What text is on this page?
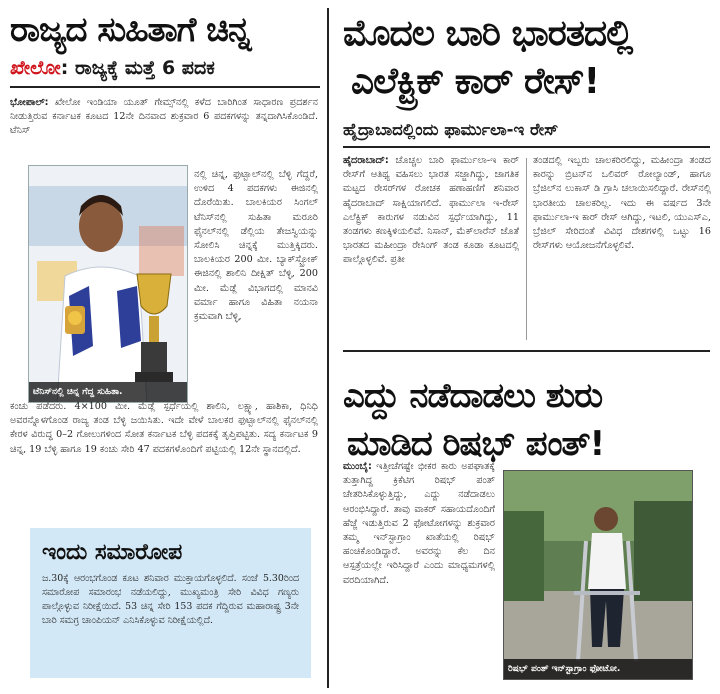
ರಾಜ್ಯದ ಸುಹಿತಾಗೆ ಚಿನ್ನ
ಖೇಲೋ: ರಾಜ್ಯಕ್ಕೆ ಮತ್ತೆ 6 ಪದಕ
ಭೋಪಾಲ್: ಖೇಲೋ ಇಂಡಿಯಾ ಯೂತ್ ಗೇಮ್ಸ್‌ನಲ್ಲಿ ಕಳೆದ ಬಾರಿಗಿಂತ ಸಾಧಾರಣ ಪ್ರದರ್ಶನ ನೀಡುತ್ತಿರುವ ಕರ್ನಾಟಕ ಕೂಟದ 12ನೇ ದಿನವಾದ ಶುಕ್ರವಾರ 6 ಪದಕಗಳನ್ನು ತನ್ನದಾಗಿಸಿಕೊಂಡಿದೆ. ಟೆನಿಸ್
ಟೆನಿಸ್‌ನಲ್ಲಿ ಚಿನ್ನ ಗೆದ್ದ ಸುಹಿತಾ.
ನಲ್ಲಿ ಚಿನ್ನ, ಫುಟ್ಬಾಲ್‌ನಲ್ಲಿ ಬೆಳ್ಳಿ ಗೆದ್ದರೆ, ಉಳಿದ 4 ಪದಕಗಳು ಈಜಿನಲ್ಲಿ ದೊರೆಯಿತು. ಬಾಲಕಿಯರ ಸಿಂಗಲ್ ಟೆನಿಸ್‌ನಲ್ಲಿ ಸುಹಿತಾ ಮರೂರಿ ಫೈನಲ್‌ನಲ್ಲಿ ಡೆಲ್ಲಿಯ ತೇಜಸ್ವಿಯನ್ನು ಸೋಲಿಸಿ ಚಿನ್ನಕ್ಕೆ ಮುತ್ತಿಕ್ಕಿದರು. ಬಾಲಕಿಯರ 200 ಮೀ. ಬ್ಯಾಕ್‌ಸ್ಟ್ರೋಕ್ ಈಜಿನಲ್ಲಿ ಶಾಲಿನಿ ದೀಕ್ಷಿತ್ ಬೆಳ್ಳಿ, 200 ಮೀ. ಮೆಡ್ಲೆ ವಿಭಾಗದಲ್ಲಿ ಮಾನವಿ ವರ್ಮಾ ಹಾಗೂ ವಿಹಿತಾ ನಯನಾ ಕ್ರಮವಾಗಿ ಬೆಳ್ಳಿ,
ಕಂಚು ಪಡೆದರು. 4×100 ಮೀ. ಮೆಡ್ಲೆ ಸ್ಪರ್ಧೆಯಲ್ಲಿ ಶಾಲಿನಿ, ಲಕ್ಷ್ಯಾ, ಹಾಶಿಕಾ, ಧಿನಿಧಿ ಅವರನ್ನೊಳಗೊಂಡ ರಾಜ್ಯ ತಂಡ ಬೆಳ್ಳಿ ಜಯಿಸಿತು. ಇದೇ ವೇಳೆ ಬಾಲಕರ ಫುಟ್ಬಾಲ್‌ನಲ್ಲಿ ಫೈನಲ್‌ನಲ್ಲಿ ಕೇರಳ ವಿರುದ್ಧ 0–2 ಗೋಲುಗಳಿಂದ ಸೋತ ಕರ್ನಾಟಕ ಬೆಳ್ಳಿ ಪದಕಕ್ಕೆ ತೃಪ್ತಿಪಟ್ಟಿತು. ಸದ್ಯ ಕರ್ನಾಟಕ 9 ಚಿನ್ನ, 19 ಬೆಳ್ಳಿ ಹಾಗೂ 19 ಕಂಚು ಸೇರಿ 47 ಪದಕಗಳೊಂದಿಗೆ ಪಟ್ಟಿಯಲ್ಲಿ 12ನೇ ಸ್ಥಾನದಲ್ಲಿದೆ.
ಇಂದು ಸಮಾರೋಪ
ಜ.30ಕ್ಕೆ ಆರಂಭಗೊಂಡ ಕೂಟ ಶನಿವಾರ ಮುಕ್ತಾಯಗೊಳ್ಳಲಿದೆ. ಸಂಜೆ 5.30ರಿಂದ ಸಮಾರೋಪ ಸಮಾರಂಭ ನಡೆಯಲಿದ್ದು, ಮುಖ್ಯಮಂತ್ರಿ ಸೇರಿ ವಿವಿಧ ಗಣ್ಯರು ಪಾಲ್ಗೊಳ್ಳುವ ನಿರೀಕ್ಷೆಯಿದೆ. 53 ಚಿನ್ನ ಸೇರಿ 153 ಪದಕ ಗೆದ್ದಿರುವ ಮಹಾರಾಷ್ಟ್ರ 3ನೇ ಬಾರಿ ಸಮಗ್ರ ಚಾಂಪಿಯನ್ ಎನಿಸಿಕೊಳ್ಳುವ ನಿರೀಕ್ಷೆಯಲ್ಲಿದೆ.
ಮೊದಲ ಬಾರಿ ಭಾರತದಲ್ಲಿ
ಎಲೆಕ್ಟ್ರಿಕ್ ಕಾರ್ ರೇಸ್!
ಹೈದ್ರಾಬಾದಲ್ಲಿಂದು ಫಾರ್ಮುಲಾ-ಇ ರೇಸ್
ಹೈದರಾಬಾದ್: ಚೊಚ್ಚಲ ಬಾರಿ ಫಾರ್ಮುಲಾ-ಇ ಕಾರ್ ರೇಸ್‌ಗೆ ಆತಿಥ್ಯ ವಹಿಸಲು ಭಾರತ ಸಜ್ಜಾಗಿದ್ದು, ಜಾಗತಿಕ ಮಟ್ಟದ ರೇಸರ್‌ಗಳ ರೋಚಕ ಹಣಾಹಣಿಗೆ ಶನಿವಾರ ಹೈದರಾಬಾದ್ ಸಾಕ್ಷಿಯಾಗಲಿದೆ. ಫಾರ್ಮುಲಾ ಇ-ರೇಸ್ ಎಲೆಕ್ಟ್ರಿಕ್ ಕಾರುಗಳ ನಡುವಿನ ಸ್ಪರ್ಧೆಯಾಗಿದ್ದು, 11 ತಂಡಗಳು ಕಣಕ್ಕಿಳಿಯಲಿವೆ. ನಿಸಾನ್, ಮೆಕ್‌ಲಾರೆನ್ ಜೊತೆ ಭಾರತದ ಮಹೀಂದ್ರಾ ರೇಸಿಂಗ್ ತಂಡ ಕೂಡಾ ಕೂಟದಲ್ಲಿ ಪಾಲ್ಗೊಳ್ಳಲಿವೆ. ಪ್ರತೀ
ತಂಡದಲ್ಲಿ ಇಬ್ಬರು ಚಾಲಕರಿರಲಿದ್ದು, ಮಹೀಂದ್ರಾ ತಂಡದ ಕಾರನ್ನು ಬ್ರಿಟನ್‌ನ ಒಲಿವರ್ ರೋಲ್ಯಾಂಡ್, ಹಾಗೂ ಬ್ರೆಜಿಲ್‌ನ ಲುಕಾಸ್ ಡಿ ಗ್ರಾಸಿ ಚಲಾಯಿಸಲಿದ್ದಾರೆ. ರೇಸ್‌ನಲ್ಲಿ ಭಾರತೀಯ ಚಾಲಕರಿಲ್ಲ. ಇದು ಈ ವರ್ಷದ 3ನೇ ಫಾರ್ಮುಲಾ-ಇ ಕಾರ್ ರೇಸ್ ಆಗಿದ್ದು, ಇಟಲಿ, ಯುಎಸ್‌ಎ, ಬ್ರೆಜಿಲ್ ಸೇರಿದಂತೆ ವಿವಿಧ ದೇಶಗಳಲ್ಲಿ ಒಟ್ಟು 16 ರೇಸ್‌ಗಳು ಆಯೋಜನೆಗೊಳ್ಳಲಿವೆ.
ಎದ್ದು ನಡೆದಾಡಲು ಶುರು
ಮಾಡಿದ ರಿಷಭ್ ಪಂತ್!
ಮುಂಬೈ: ಇತ್ತೀಚೆಗಷ್ಟೇ ಭೀಕರ ಕಾರು ಅಪಘಾತಕ್ಕೆ ತುತ್ತಾಗಿದ್ದ ಕ್ರಿಕೆಟಿಗ ರಿಷಭ್ ಪಂತ್ ಚೇತರಿಸಿಕೊಳ್ಳುತ್ತಿದ್ದು, ಎದ್ದು ನಡೆದಾಡಲು ಆರಂಭಿಸಿದ್ದಾರೆ. ತಾವು ವಾಕರ್ ಸಹಾಯದೊಂದಿಗೆ ಹೆಜ್ಜೆ ಇಡುತ್ತಿರುವ 2 ಫೋಟೋಗಳನ್ನು ಶುಕ್ರವಾರ ತಮ್ಮ ಇನ್‌ಸ್ಟಾಗ್ರಾಂ ಖಾತೆಯಲ್ಲಿ ರಿಷಭ್ ಹಂಚಿಕೊಂಡಿದ್ದಾರೆ. ಅವರನ್ನು ಕೆಲ ದಿನ ಆಸ್ಪತ್ರೆಯಲ್ಲೇ ಇರಿಸಿದ್ದಾರೆ ಎಂದು ಮಾಧ್ಯಮಗಳಲ್ಲಿ ವರದಿಯಾಗಿದೆ.
ರಿಷಭ್ ಪಂತ್ ಇನ್‌ಸ್ಟಾಗ್ರಾಂ ಫೋಟೋ.
